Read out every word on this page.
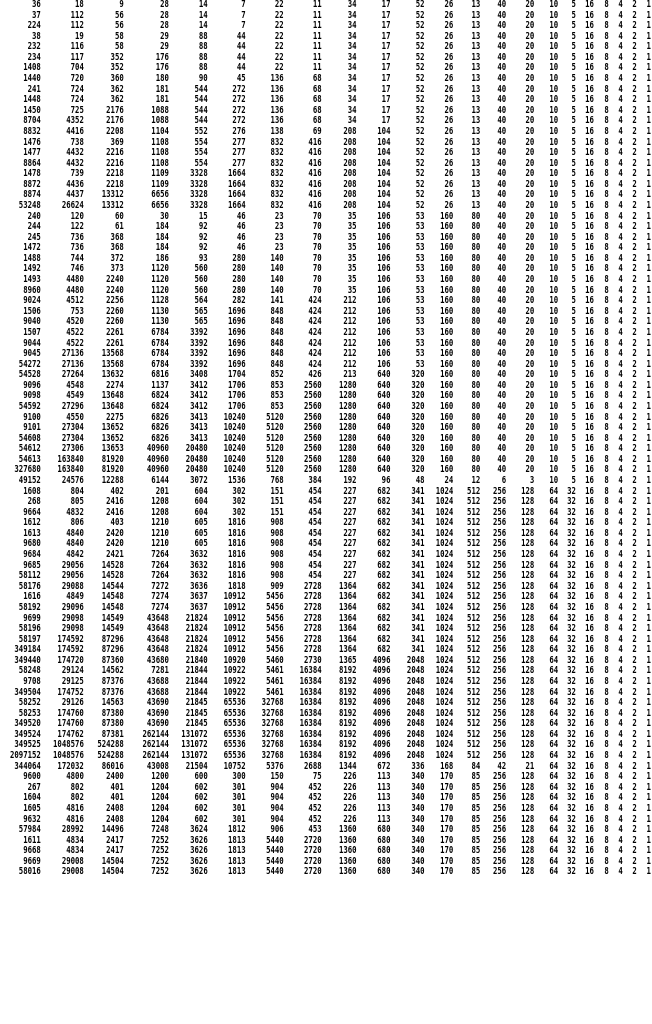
36	18	9	28	14	7	22	11	34	17	52	26	13	40	20	10	5	16	8	4	2	1
37	112	56	28	14	7	22	11	34	17	52	26	13	40	20	10	5	16	8	4	2	1
224	112	56	28	14	7	22	11	34	17	52	26	13	40	20	10	5	16	8	4	2	1
38	19	58	29	88	44	22	11	34	17	52	26	13	40	20	10	5	16	8	4	2	1
232	116	58	29	88	44	22	11	34	17	52	26	13	40	20	10	5	16	8	4	2	1
234	117	352	176	88	44	22	11	34	17	52	26	13	40	20	10	5	16	8	4	2	1
1408	704	352	176	88	44	22	11	34	17	52	26	13	40	20	10	5	16	8	4	2	1
1440	720	360	180	90	45	136	68	34	17	52	26	13	40	20	10	5	16	8	4	2	1
241	724	362	181	544	272	136	68	34	17	52	26	13	40	20	10	5	16	8	4	2	1
1448	724	362	181	544	272	136	68	34	17	52	26	13	40	20	10	5	16	8	4	2	1
1450	725	2176	1088	544	272	136	68	34	17	52	26	13	40	20	10	5	16	8	4	2	1
8704	4352	2176	1088	544	272	136	68	34	17	52	26	13	40	20	10	5	16	8	4	2	1
8832	4416	2208	1104	552	276	138	69	208	104	52	26	13	40	20	10	5	16	8	4	2	1
1476	738	369	1108	554	277	832	416	208	104	52	26	13	40	20	10	5	16	8	4	2	1
1477	4432	2216	1108	554	277	832	416	208	104	52	26	13	40	20	10	5	16	8	4	2	1
8864	4432	2216	1108	554	277	832	416	208	104	52	26	13	40	20	10	5	16	8	4	2	1
1478	739	2218	1109	3328	1664	832	416	208	104	52	26	13	40	20	10	5	16	8	4	2	1
8872	4436	2218	1109	3328	1664	832	416	208	104	52	26	13	40	20	10	5	16	8	4	2	1
8874	4437	13312	6656	3328	1664	832	416	208	104	52	26	13	40	20	10	5	16	8	4	2	1
53248	26624	13312	6656	3328	1664	832	416	208	104	52	26	13	40	20	10	5	16	8	4	2	1
240	120	60	30	15	46	23	70	35	106	53	160	80	40	20	10	5	16	8	4	2	1
244	122	61	184	92	46	23	70	35	106	53	160	80	40	20	10	5	16	8	4	2	1
245	736	368	184	92	46	23	70	35	106	53	160	80	40	20	10	5	16	8	4	2	1
1472	736	368	184	92	46	23	70	35	106	53	160	80	40	20	10	5	16	8	4	2	1
1488	744	372	186	93	280	140	70	35	106	53	160	80	40	20	10	5	16	8	4	2	1
1492	746	373	1120	560	280	140	70	35	106	53	160	80	40	20	10	5	16	8	4	2	1
1493	4480	2240	1120	560	280	140	70	35	106	53	160	80	40	20	10	5	16	8	4	2	1
8960	4480	2240	1120	560	280	140	70	35	106	53	160	80	40	20	10	5	16	8	4	2	1
9024	4512	2256	1128	564	282	141	424	212	106	53	160	80	40	20	10	5	16	8	4	2	1
1506	753	2260	1130	565	1696	848	424	212	106	53	160	80	40	20	10	5	16	8	4	2	1
9040	4520	2260	1130	565	1696	848	424	212	106	53	160	80	40	20	10	5	16	8	4	2	1
1507	4522	2261	6784	3392	1696	848	424	212	106	53	160	80	40	20	10	5	16	8	4	2	1
9044	4522	2261	6784	3392	1696	848	424	212	106	53	160	80	40	20	10	5	16	8	4	2	1
9045	27136	13568	6784	3392	1696	848	424	212	106	53	160	80	40	20	10	5	16	8	4	2	1
54272	27136	13568	6784	3392	1696	848	424	212	106	53	160	80	40	20	10	5	16	8	4	2	1
54528	27264	13632	6816	3408	1704	852	426	213	640	320	160	80	40	20	10	5	16	8	4	2	1
9096	4548	2274	1137	3412	1706	853	2560	1280	640	320	160	80	40	20	10	5	16	8	4	2	1
9098	4549	13648	6824	3412	1706	853	2560	1280	640	320	160	80	40	20	10	5	16	8	4	2	1
54592	27296	13648	6824	3412	1706	853	2560	1280	640	320	160	80	40	20	10	5	16	8	4	2	1
9100	4550	2275	6826	3413	10240	5120	2560	1280	640	320	160	80	40	20	10	5	16	8	4	2	1
9101	27304	13652	6826	3413	10240	5120	2560	1280	640	320	160	80	40	20	10	5	16	8	4	2	1
54608	27304	13652	6826	3413	10240	5120	2560	1280	640	320	160	80	40	20	10	5	16	8	4	2	1
54612	27306	13653	40960	20480	10240	5120	2560	1280	640	320	160	80	40	20	10	5	16	8	4	2	1
54613	163840	81920	40960	20480	10240	5120	2560	1280	640	320	160	80	40	20	10	5	16	8	4	2	1
327680	163840	81920	40960	20480	10240	5120	2560	1280	640	320	160	80	40	20	10	5	16	8	4	2	1
49152	24576	12288	6144	3072	1536	768	384	192	96	48	24	12	6	3	10	5	16	8	4	2	1
1608	804	402	201	604	302	151	454	227	682	341	1024	512	256	128	64	32	16	8	4	2	1
268	805	2416	1208	604	302	151	454	227	682	341	1024	512	256	128	64	32	16	8	4	2	1
9664	4832	2416	1208	604	302	151	454	227	682	341	1024	512	256	128	64	32	16	8	4	2	1
1612	806	403	1210	605	1816	908	454	227	682	341	1024	512	256	128	64	32	16	8	4	2	1
1613	4840	2420	1210	605	1816	908	454	227	682	341	1024	512	256	128	64	32	16	8	4	2	1
9680	4840	2420	1210	605	1816	908	454	227	682	341	1024	512	256	128	64	32	16	8	4	2	1
9684	4842	2421	7264	3632	1816	908	454	227	682	341	1024	512	256	128	64	32	16	8	4	2	1
9685	29056	14528	7264	3632	1816	908	454	227	682	341	1024	512	256	128	64	32	16	8	4	2	1
58112	29056	14528	7264	3632	1816	908	454	227	682	341	1024	512	256	128	64	32	16	8	4	2	1
58176	29088	14544	7272	3636	1818	909	2728	1364	682	341	1024	512	256	128	64	32	16	8	4	2	1
1616	4849	14548	7274	3637	10912	5456	2728	1364	682	341	1024	512	256	128	64	32	16	8	4	2	1
58192	29096	14548	7274	3637	10912	5456	2728	1364	682	341	1024	512	256	128	64	32	16	8	4	2	1
9699	29098	14549	43648	21824	10912	5456	2728	1364	682	341	1024	512	256	128	64	32	16	8	4	2	1
58196	29098	14549	43648	21824	10912	5456	2728	1364	682	341	1024	512	256	128	64	32	16	8	4	2	1
58197	174592	87296	43648	21824	10912	5456	2728	1364	682	341	1024	512	256	128	64	32	16	8	4	2	1
349184	174592	87296	43648	21824	10912	5456	2728	1364	682	341	1024	512	256	128	64	32	16	8	4	2	1
349440	174720	87360	43680	21840	10920	5460	2730	1365	4096	2048	1024	512	256	128	64	32	16	8	4	2	1
58248	29124	14562	7281	21844	10922	5461	16384	8192	4096	2048	1024	512	256	128	64	32	16	8	4	2	1
9708	29125	87376	43688	21844	10922	5461	16384	8192	4096	2048	1024	512	256	128	64	32	16	8	4	2	1
349504	174752	87376	43688	21844	10922	5461	16384	8192	4096	2048	1024	512	256	128	64	32	16	8	4	2	1
58252	29126	14563	43690	21845	65536	32768	16384	8192	4096	2048	1024	512	256	128	64	32	16	8	4	2	1
58253	174760	87380	43690	21845	65536	32768	16384	8192	4096	2048	1024	512	256	128	64	32	16	8	4	2	1
349520	174760	87380	43690	21845	65536	32768	16384	8192	4096	2048	1024	512	256	128	64	32	16	8	4	2	1
349524	174762	87381	262144	131072	65536	32768	16384	8192	4096	2048	1024	512	256	128	64	32	16	8	4	2	1
349525	1048576	524288	262144	131072	65536	32768	16384	8192	4096	2048	1024	512	256	128	64	32	16	8	4	2	1
2097152	1048576	524288	262144	131072	65536	32768	16384	8192	4096	2048	1024	512	256	128	64	32	16	8	4	2	1
344064	172032	86016	43008	21504	10752	5376	2688	1344	672	336	168	84	42	21	64	32	16	8	4	2	1
9600	4800	2400	1200	600	300	150	75	226	113	340	170	85	256	128	64	32	16	8	4	2	1
267	802	401	1204	602	301	904	452	226	113	340	170	85	256	128	64	32	16	8	4	2	1
1604	802	401	1204	602	301	904	452	226	113	340	170	85	256	128	64	32	16	8	4	2	1
1605	4816	2408	1204	602	301	904	452	226	113	340	170	85	256	128	64	32	16	8	4	2	1
9632	4816	2408	1204	602	301	904	452	226	113	340	170	85	256	128	64	32	16	8	4	2	1
57984	28992	14496	7248	3624	1812	906	453	1360	680	340	170	85	256	128	64	32	16	8	4	2	1
1611	4834	2417	7252	3626	1813	5440	2720	1360	680	340	170	85	256	128	64	32	16	8	4	2	1
9668	4834	2417	7252	3626	1813	5440	2720	1360	680	340	170	85	256	128	64	32	16	8	4	2	1
9669	29008	14504	7252	3626	1813	5440	2720	1360	680	340	170	85	256	128	64	32	16	8	4	2	1
58016	29008	14504	7252	3626	1813	5440	2720	1360	680	340	170	85	256	128	64	32	16	8	4	2	1
